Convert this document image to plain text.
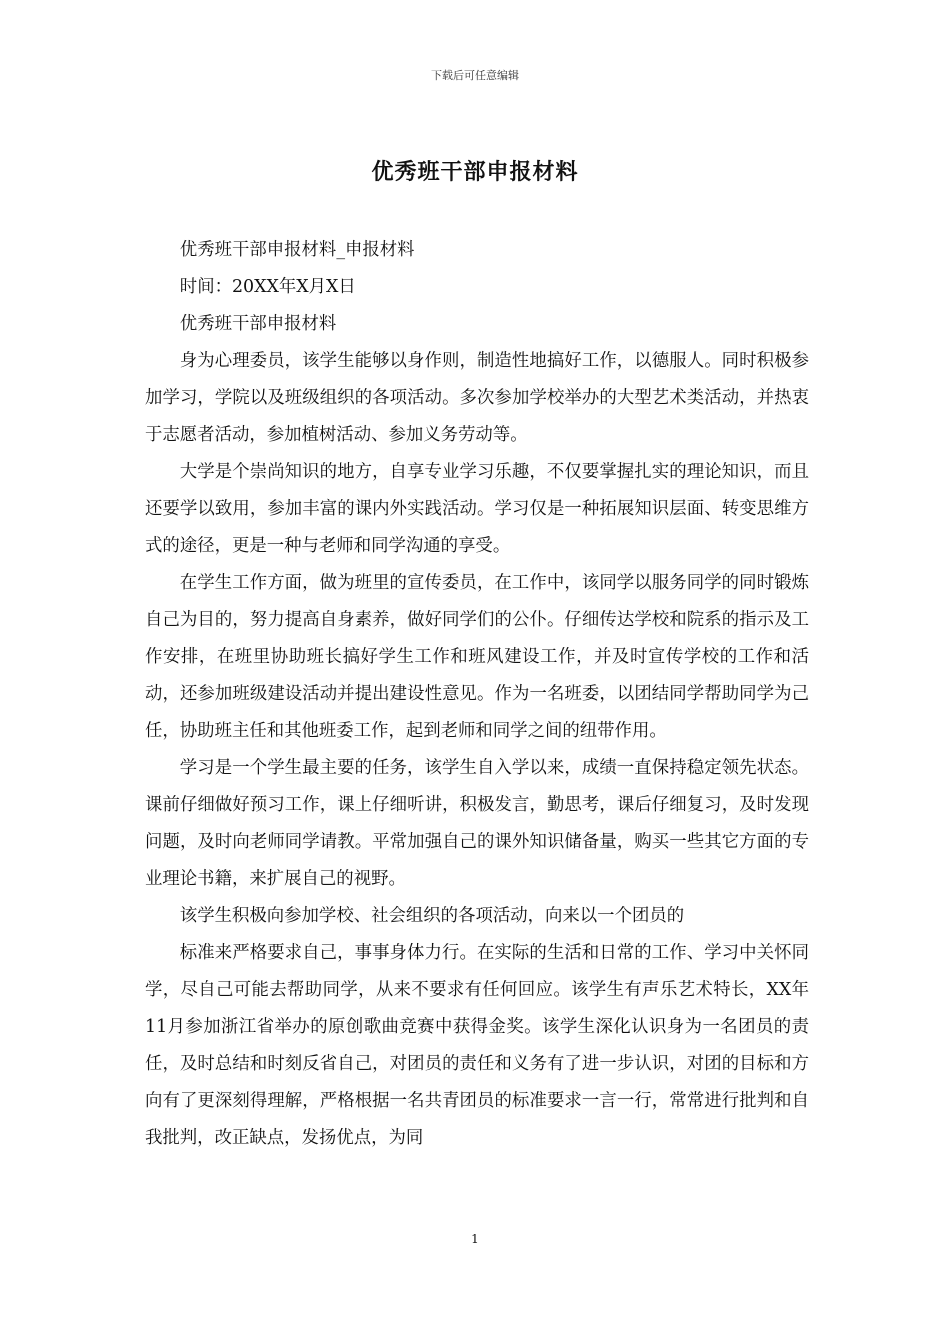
下载后可任意编辑
优秀班干部申报材料

优秀班干部申报材料_申报材料

时间：20XX年X月X日

优秀班干部申报材料

身为心理委员，该学生能够以身作则，制造性地搞好工作，以德服人。同时积极参加学习，学院以及班级组织的各项活动。多次参加学校举办的大型艺术类活动，并热衷于志愿者活动，参加植树活动、参加义务劳动等。

大学是个崇尚知识的地方，自享专业学习乐趣，不仅要掌握扎实的理论知识，而且还要学以致用，参加丰富的课内外实践活动。学习仅是一种拓展知识层面、转变思维方式的途径，更是一种与老师和同学沟通的享受。

在学生工作方面，做为班里的宣传委员，在工作中，该同学以服务同学的同时锻炼自己为目的，努力提高自身素养，做好同学们的公仆。仔细传达学校和院系的指示及工作安排，在班里协助班长搞好学生工作和班风建设工作，并及时宣传学校的工作和活动，还参加班级建设活动并提出建设性意见。作为一名班委，以团结同学帮助同学为己任，协助班主任和其他班委工作，起到老师和同学之间的纽带作用。

学习是一个学生最主要的任务，该学生自入学以来，成绩一直保持稳定领先状态。课前仔细做好预习工作，课上仔细听讲，积极发言，勤思考，课后仔细复习，及时发现问题，及时向老师同学请教。平常加强自己的课外知识储备量，购买一些其它方面的专业理论书籍，来扩展自己的视野。

该学生积极向参加学校、社会组织的各项活动，向来以一个团员的

标准来严格要求自己，事事身体力行。在实际的生活和日常的工作、学习中关怀同学，尽自己可能去帮助同学，从来不要求有任何回应。该学生有声乐艺术特长，XX年11月参加浙江省举办的原创歌曲竞赛中获得金奖。该学生深化认识身为一名团员的责任，及时总结和时刻反省自己，对团员的责任和义务有了进一步认识，对团的目标和方向有了更深刻得理解，严格根据一名共青团员的标准要求一言一行，常常进行批判和自我批判，改正缺点，发扬优点，为同

1
